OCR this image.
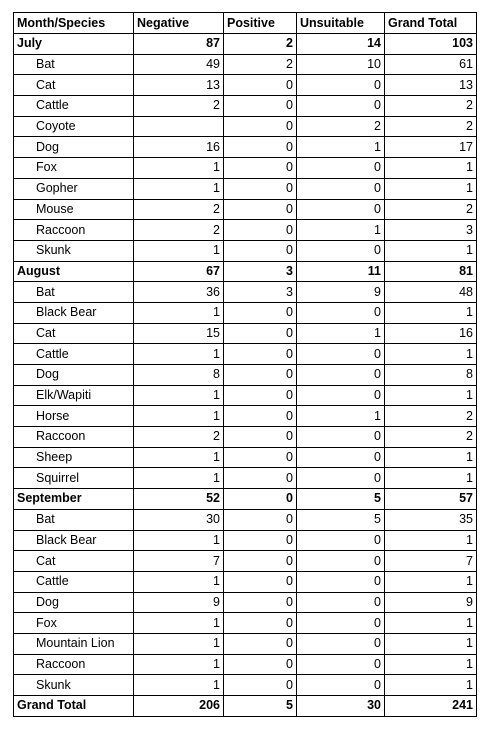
Month/Species	Negative	Positive	Unsuitable	Grand Total
July	87	2	14	103
Bat	49	2	10	61
Cat	13	0	0	13
Cattle	2	0	0	2
Coyote		0	2	2
Dog	16	0	1	17
Fox	1	0	0	1
Gopher	1	0	0	1
Mouse	2	0	0	2
Raccoon	2	0	1	3
Skunk	1	0	0	1
August	67	3	11	81
Bat	36	3	9	48
Black Bear	1	0	0	1
Cat	15	0	1	16
Cattle	1	0	0	1
Dog	8	0	0	8
Elk/Wapiti	1	0	0	1
Horse	1	0	1	2
Raccoon	2	0	0	2
Sheep	1	0	0	1
Squirrel	1	0	0	1
September	52	0	5	57
Bat	30	0	5	35
Black Bear	1	0	0	1
Cat	7	0	0	7
Cattle	1	0	0	1
Dog	9	0	0	9
Fox	1	0	0	1
Mountain Lion	1	0	0	1
Raccoon	1	0	0	1
Skunk	1	0	0	1
Grand Total	206	5	30	241
